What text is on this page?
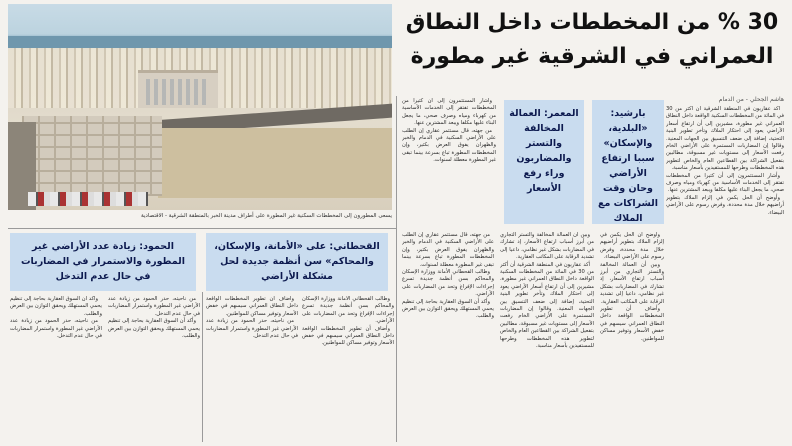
يسعى المطورون إلى المخططات السكنية غير المطورة على أطراف مدينة الخبر بالمنطقة الشرقية - الاقتصادية
30 % من المخططات داخل النطاق
العمراني في الشرقية غير مطورة
هاشم الجحلي - من الدمام
بارشيد: «البلدية، والإسكان» سببا ارتفاع الأراضي وحان وقت الشراكات مع الملاك
المعمر: العمالة المخالفة والتستر والمضاربون وراء رفع الأسعار
القحطاني: على «الأمانة، والإسكان، والمحاكم» سن أنظمة جديدة لحل مشكلة الأراضي
الحمود: زيادة عدد الأراضي غير المطورة والاستمرار في المضاربات في حال عدم التدخل

أكد عقاريون في المنطقة الشرقية أن أكثر من 30 في المائة من المخططات السكنية الواقعة داخل النطاق العمراني غير مطورة، مشيرين إلى أن ارتفاع أسعار الأراضي يعود إلى احتكار الملاك وتأخر تطوير البنية التحتية، إضافة إلى ضعف التنسيق بين الجهات المعنية. وقالوا إن المضاربات المستمرة على الأراضي الخام رفعت الأسعار إلى مستويات غير مسبوقة، مطالبين بتفعيل الشراكة بين القطاعين العام والخاص لتطوير هذه المخططات وطرحها للمستفيدين بأسعار مناسبة.

وأشار المستثمرون إلى أن كثيرا من المخططات تفتقر إلى الخدمات الأساسية من كهرباء ومياه وصرف صحي، ما يجعل البناء عليها مكلفا ويبعد المشترين عنها.

وأوضح أن الحل يكمن في إلزام الملاك بتطوير أراضيهم خلال مدة محددة، وفرض رسوم على الأراضي البيضاء.

وأشار المستثمرون إلى أن كثيرا من المخططات تفتقر إلى الخدمات الأساسية من كهرباء ومياه وصرف صحي، ما يجعل البناء عليها مكلفا ويبعد المشترين عنها.

من جهته، قال مستثمر عقاري إن الطلب على الأراضي السكنية في الدمام والخبر والظهران يفوق العرض بكثير، وإن المخططات المطورة تباع بسرعة بينما تبقى غير المطورة معطلة لسنوات.

وأوضح أن الحل يكمن في إلزام الملاك بتطوير أراضيهم خلال مدة محددة، وفرض رسوم على الأراضي البيضاء.

وبين أن العمالة المخالفة والتستر التجاري من أبرز أسباب ارتفاع الأسعار، إذ تشارك في المضاربات بشكل غير نظامي، داعيا إلى تشديد الرقابة على المكاتب العقارية.

وأضاف أن تطوير المخططات الواقعة داخل النطاق العمراني سيسهم في خفض الأسعار وتوفير مساكن للمواطنين.

وبين أن العمالة المخالفة والتستر التجاري من أبرز أسباب ارتفاع الأسعار، إذ تشارك في المضاربات بشكل غير نظامي، داعيا إلى تشديد الرقابة على المكاتب العقارية.

أكد عقاريون في المنطقة الشرقية أن أكثر من 30 في المائة من المخططات السكنية الواقعة داخل النطاق العمراني غير مطورة، مشيرين إلى أن ارتفاع أسعار الأراضي يعود إلى احتكار الملاك وتأخر تطوير البنية التحتية، إضافة إلى ضعف التنسيق بين الجهات المعنية. وقالوا إن المضاربات المستمرة على الأراضي الخام رفعت الأسعار إلى مستويات غير مسبوقة، مطالبين بتفعيل الشراكة بين القطاعين العام والخاص لتطوير هذه المخططات وطرحها للمستفيدين بأسعار مناسبة.

من جهته، قال مستثمر عقاري إن الطلب على الأراضي السكنية في الدمام والخبر والظهران يفوق العرض بكثير، وإن المخططات المطورة تباع بسرعة بينما تبقى غير المطورة معطلة لسنوات.

وطالب القحطاني الأمانة ووزارة الإسكان والمحاكم بسن أنظمة جديدة تسرع إجراءات الإفراغ وتحد من المضاربات على الأراضي.

وأكد أن السوق العقارية بحاجة إلى تنظيم يحمي المستهلك ويحقق التوازن بين العرض والطلب.

وطالب القحطاني الأمانة ووزارة الإسكان والمحاكم بسن أنظمة جديدة تسرع إجراءات الإفراغ وتحد من المضاربات على الأراضي.

وأضاف أن تطوير المخططات الواقعة داخل النطاق العمراني سيسهم في خفض الأسعار وتوفير مساكن للمواطنين.

وأضاف أن تطوير المخططات الواقعة داخل النطاق العمراني سيسهم في خفض الأسعار وتوفير مساكن للمواطنين.

من ناحيته، حذر الحمود من زيادة عدد الأراضي غير المطورة واستمرار المضاربات في حال عدم التدخل.

من ناحيته، حذر الحمود من زيادة عدد الأراضي غير المطورة واستمرار المضاربات في حال عدم التدخل.

وأكد أن السوق العقارية بحاجة إلى تنظيم يحمي المستهلك ويحقق التوازن بين العرض والطلب.

وأكد أن السوق العقارية بحاجة إلى تنظيم يحمي المستهلك ويحقق التوازن بين العرض والطلب.

من ناحيته، حذر الحمود من زيادة عدد الأراضي غير المطورة واستمرار المضاربات في حال عدم التدخل.
